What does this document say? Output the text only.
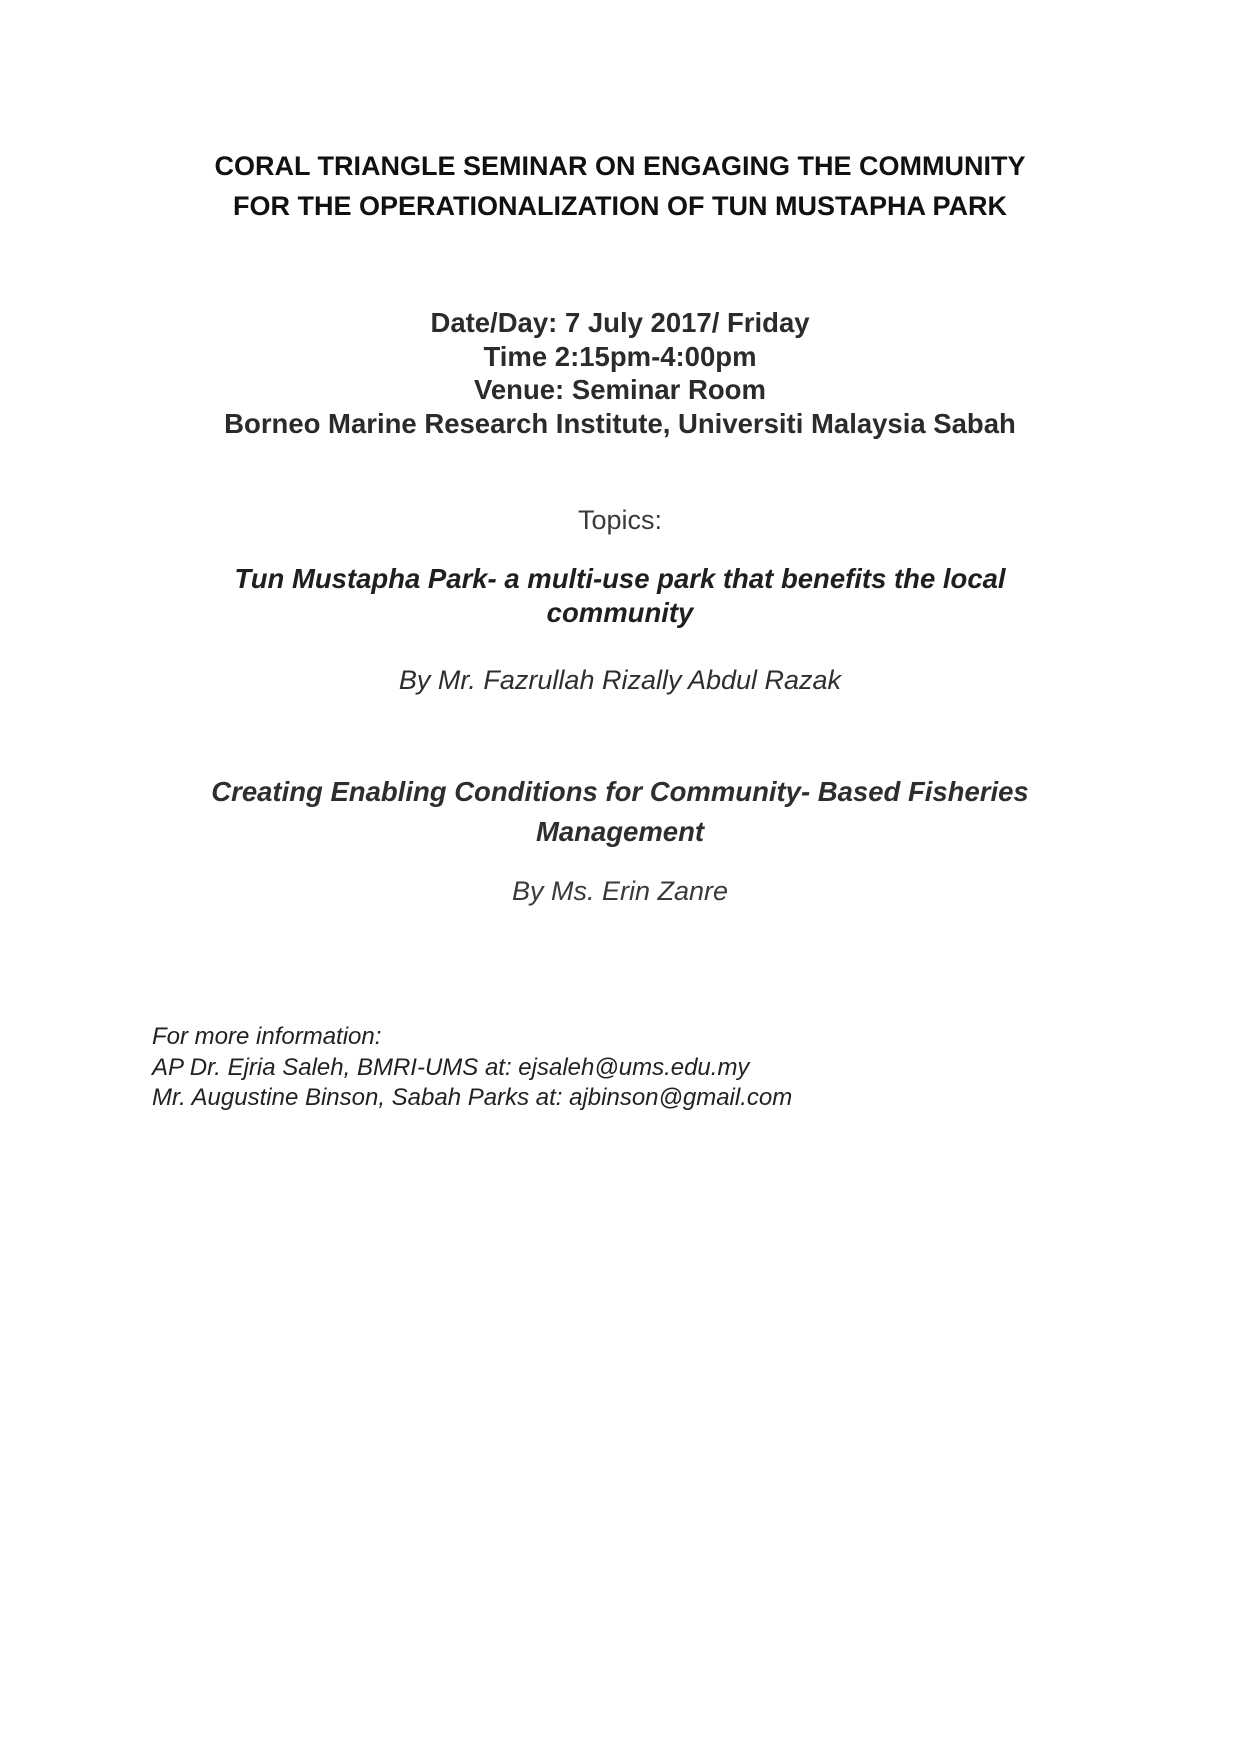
CORAL TRIANGLE SEMINAR ON ENGAGING THE COMMUNITY
FOR THE OPERATIONALIZATION OF TUN MUSTAPHA PARK
Date/Day: 7 July 2017/ Friday
Time 2:15pm-4:00pm
Venue: Seminar Room
Borneo Marine Research Institute, Universiti Malaysia Sabah
Topics:
Tun Mustapha Park- a multi-use park that benefits the local
community
By Mr. Fazrullah Rizally Abdul Razak
Creating Enabling Conditions for Community- Based Fisheries
Management
By Ms. Erin Zanre
For more information:
AP Dr. Ejria Saleh, BMRI-UMS at: ejsaleh@ums.edu.my
Mr. Augustine Binson, Sabah Parks at: ajbinson@gmail.com
